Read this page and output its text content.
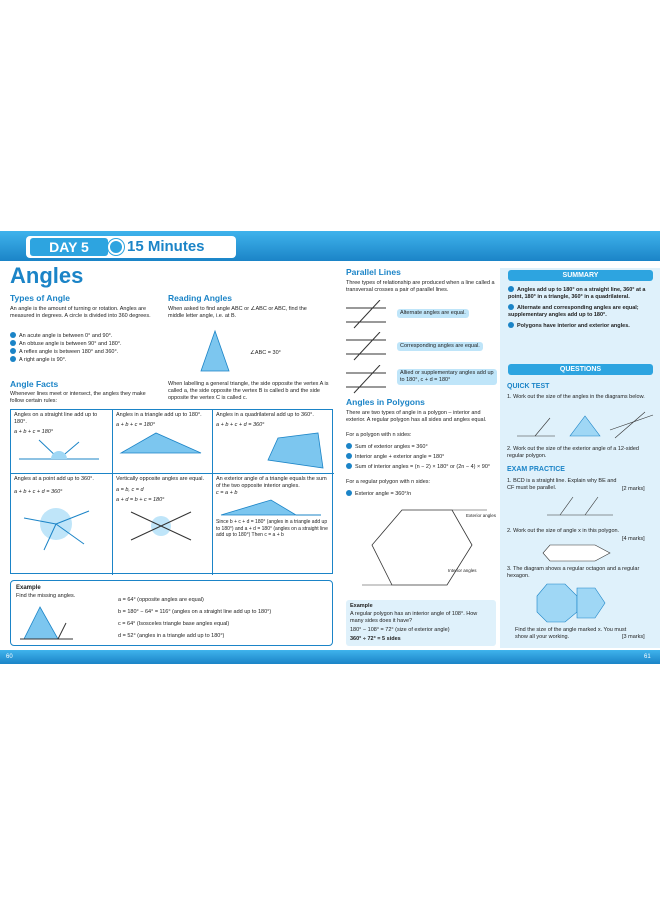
DAY 5	15 Minutes
Angles
Types of Angle
An angle is the amount of turning or rotation. Angles are measured in degrees. A circle is divided into 360 degrees.
An acute angle is between 0° and 90°.
An obtuse angle is between 90° and 180°.
A reflex angle is between 180° and 360°.
A right angle is 90°.
Reading Angles
When asked to find angle ABC or ∠ABC or ABC, find the middle letter angle, i.e. at B.
∠ABC = 30°
When labelling a general triangle, the side opposite the vertex A is called a, the side opposite the vertex B is called b and the side opposite the vertex C is called c.
Angle Facts
Whenever lines meet or intersect, the angles they make follow certain rules:
Angles on a straight line add up to 180°.
a + b + c = 180°
Angles in a triangle add up to 180°.
a + b + c = 180°
Angles in a quadrilateral add up to 360°.
a + b + c + d = 360°
Angles at a point add up to 360°.
a + b + c + d = 360°
Vertically opposite angles are equal.
a = b, c = d
a + d = b + c = 180°
An exterior angle of a triangle equals the sum of the two opposite interior angles.
c = a + b
Since b + c + d = 180° (angles in a triangle add up to 180°) and a + d = 180° (angles on a straight line add up to 180°) Then c = a + b
Example
Find the missing angles.
a = 64° (opposite angles are equal)
b = 180° − 64° = 116° (angles on a straight line add up to 180°)
c = 64° (Isosceles triangle base angles equal)
d = 52° (angles in a triangle add up to 180°)
Parallel Lines
Three types of relationship are produced when a line called a transversal crosses a pair of parallel lines.
Alternate angles are equal.
Corresponding angles are equal.
Allied or supplementary angles add up to 180°, c + d = 180°
Angles in Polygons
There are two types of angle in a polygon – interior and exterior. A regular polygon has all sides and angles equal.
For a polygon with n sides:
Sum of exterior angles = 360°
Interior angle + exterior angle = 180°
Sum of interior angles = (n − 2) × 180° or (2n − 4) × 90°
For a regular polygon with n sides:
Exterior angle = 360°/n
Exterior angles
Interior angles
Example
A regular polygon has an interior angle of 108°. How many sides does it have?
180° − 108° = 72° (size of exterior angle)
360° ÷ 72° = 5 sides
SUMMARY
Angles add up to 180° on a straight line, 360° at a point, 180° in a triangle, 360° in a quadrilateral.
Alternate and corresponding angles are equal; supplementary angles add up to 180°.
Polygons have interior and exterior angles.
QUESTIONS
QUICK TEST
1. Work out the size of the angles in the diagrams below.
2. Work out the size of the exterior angle of a 12-sided regular polygon.
EXAM PRACTICE
1. BCD is a straight line. Explain why BE and CF must be parallel.	[2 marks]
2. Work out the size of angle x in this polygon.
[4 marks]
3. The diagram shows a regular octagon and a regular hexagon.
Find the size of the angle marked x. You must show all your working.	[3 marks]
60	61
